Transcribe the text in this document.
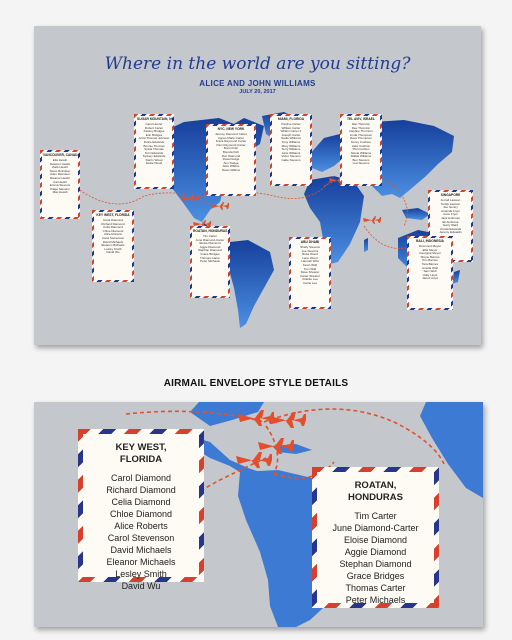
Where in the world are you sitting?
ALICE AND JOHN WILLIAMS
JULY 20, 2017
VANCOUVER, CANADA
Ella Hewitt
Dawson Hewitt
Zack Hewitt
Steve Reindeer
Aden Reindeer
Eleanor Hewitt
Cal Hewitt
Emma Stevens
Paige Stevens
Max Hewitt
SUGAR MOUNTAIN, NC
Carol Hunter
Robert Carter
Paisley Bridges
Erin Bridges
Anita Thomas Johnson
Dolce Edwards
Bonnie Thomas
Sylvia Thomas
Terri Edwards
Sydney Edwards
Darrin Wood
Nettie Wood
NYC, NEW YORK
Jeremy Diamond Carter
Agnes Marie Carter
Frank Raymond Carter
Pam Raymond Carter
Bonni Fish
Brenda Fish
Ron Diamond
Rosa Dodge
Ann Dodge
Alice Wilkins
Dawn Wilkins
MIAMI, FLORIDA
Pauline Carter
William Carter
Wiliam Carter II
Joseph Carter
Sadie Williams
Tony Williams
Mary Williams
Terry Williams
Jane Williams
Victor Stevens
Gabe Stevens
TEL AVIV, ISRAEL
Dan Thornton
Dee Thornton
Daphne Thornton
Linda Thompson
Dave Thompson
Dorey Cushion
Jake Cushion
Phil Cushion
Nicole Williams
Dallas Williams
Ben Stevens
Lea Stevens
SINGAPORE
Jerrod Lawson
Teddy Lawson
Joe Gentry
Amanda Fryer
Cece Fryer
Jack Ambrose
Eli Ambrose
Garry Ward
Ursula Edwards
Jeremy Edwards
KEY WEST, FLORIDA
Carol Diamond
Richard Diamond
Celia Diamond
Chloe Diamond
Alice Roberts
Carol Stevenson
David Michaels
Eleanor Michaels
Lesley Smith
David Wu
ROATAN, HONDURAS
Tim Carter
June Diamond-Carter
Eloise Diamond
Aggie Diamond
Stephan Diamond
Grace Bridges
Thomas Carter
Peter Michaels
ABU DHABI
Shelly Stevens
Joe Stevens
Reba Wood
Lane Wood
Hannah Wild
Kevin Wild
Tom Wild
Dave Shearer
Carter Shearer
Violette Lee
Carrie Lee
BALI, INDONESIA
Desmond Meyer
Ellie Meyer
Georgina Meyer
Shane Barnes
Kim Barnes
Tara Barnes
Amelia Wolf
Sam Wolf
Holly Lloyd
Jared Lloyd
AIRMAIL ENVELOPE STYLE DETAILS
KEY WEST,
FLORIDA
Carol Diamond
Richard Diamond
Celia Diamond
Chloe Diamond
Alice Roberts
Carol Stevenson
David Michaels
Eleanor Michaels
Lesley Smith
David Wu
ROATAN,
HONDURAS
Tim Carter
June Diamond-Carter
Eloise Diamond
Aggie Diamond
Stephan Diamond
Grace Bridges
Thomas Carter
Peter Michaels
